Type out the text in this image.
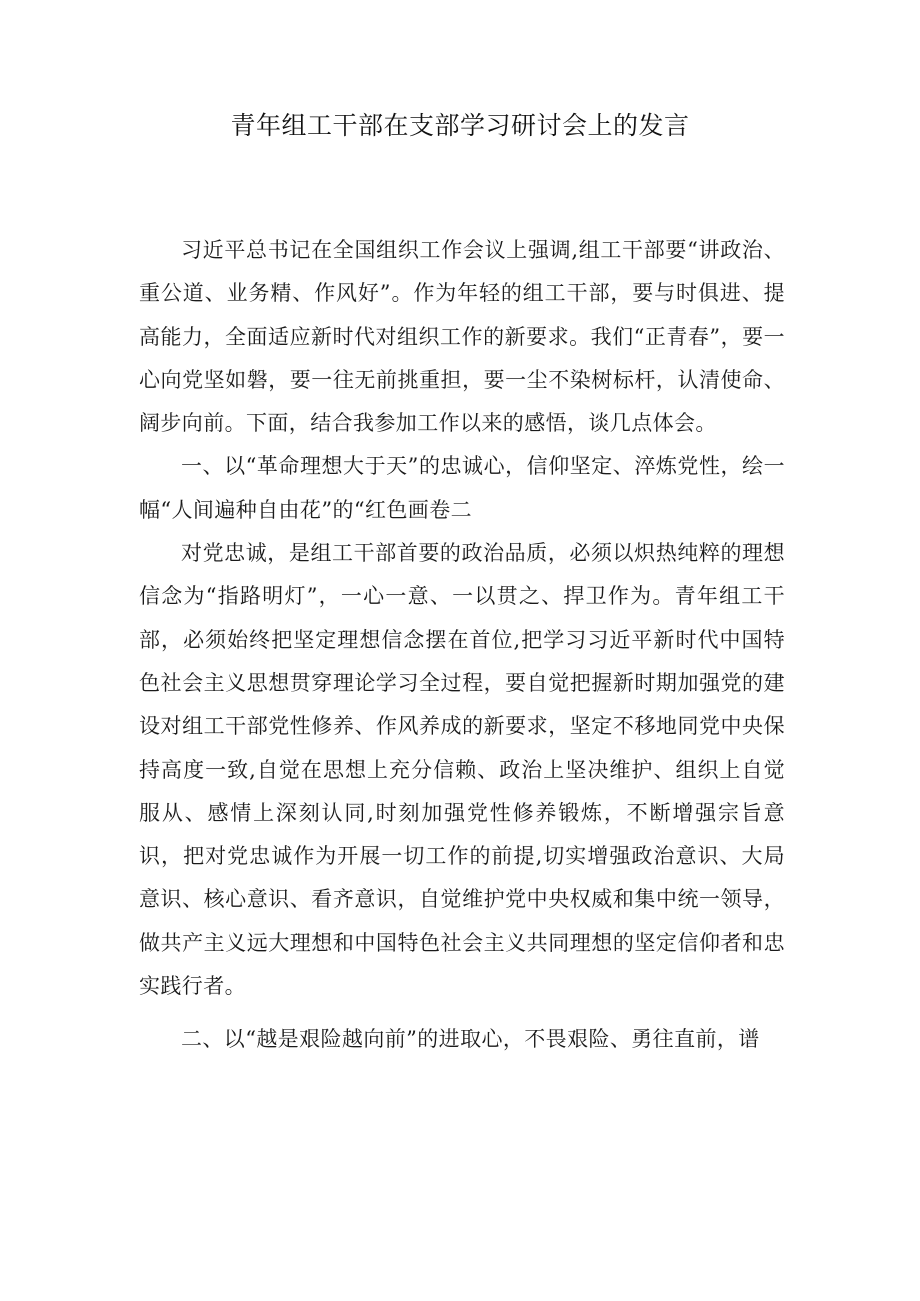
青年组工干部在支部学习研讨会上的发言

习近平总书记在全国组织工作会议上强调,组工干部要“讲政治、重公道、业务精、作风好”。作为年轻的组工干部，要与时俱进、提高能力，全面适应新时代对组织工作的新要求。我们“正青春”，要一心向党坚如磐，要一往无前挑重担，要一尘不染树标杆，认清使命、阔步向前。下面，结合我参加工作以来的感悟，谈几点体会。

一、以“革命理想大于天”的忠诚心，信仰坚定、淬炼党性，绘一幅“人间遍种自由花”的“红色画卷二

对党忠诚，是组工干部首要的政治品质，必须以炽热纯粹的理想信念为“指路明灯”，一心一意、一以贯之、捍卫作为。青年组工干部，必须始终把坚定理想信念摆在首位,把学习习近平新时代中国特色社会主义思想贯穿理论学习全过程，要自觉把握新时期加强党的建设对组工干部党性修养、作风养成的新要求，坚定不移地同党中央保持高度一致,自觉在思想上充分信赖、政治上坚决维护、组织上自觉服从、感情上深刻认同,时刻加强党性修养锻炼，不断增强宗旨意识，把对党忠诚作为开展一切工作的前提,切实增强政治意识、大局意识、核心意识、看齐意识，自觉维护党中央权威和集中统一领导，做共产主义远大理想和中国特色社会主义共同理想的坚定信仰者和忠实践行者。

二、以“越是艰险越向前”的进取心，不畏艰险、勇往直前，谱
